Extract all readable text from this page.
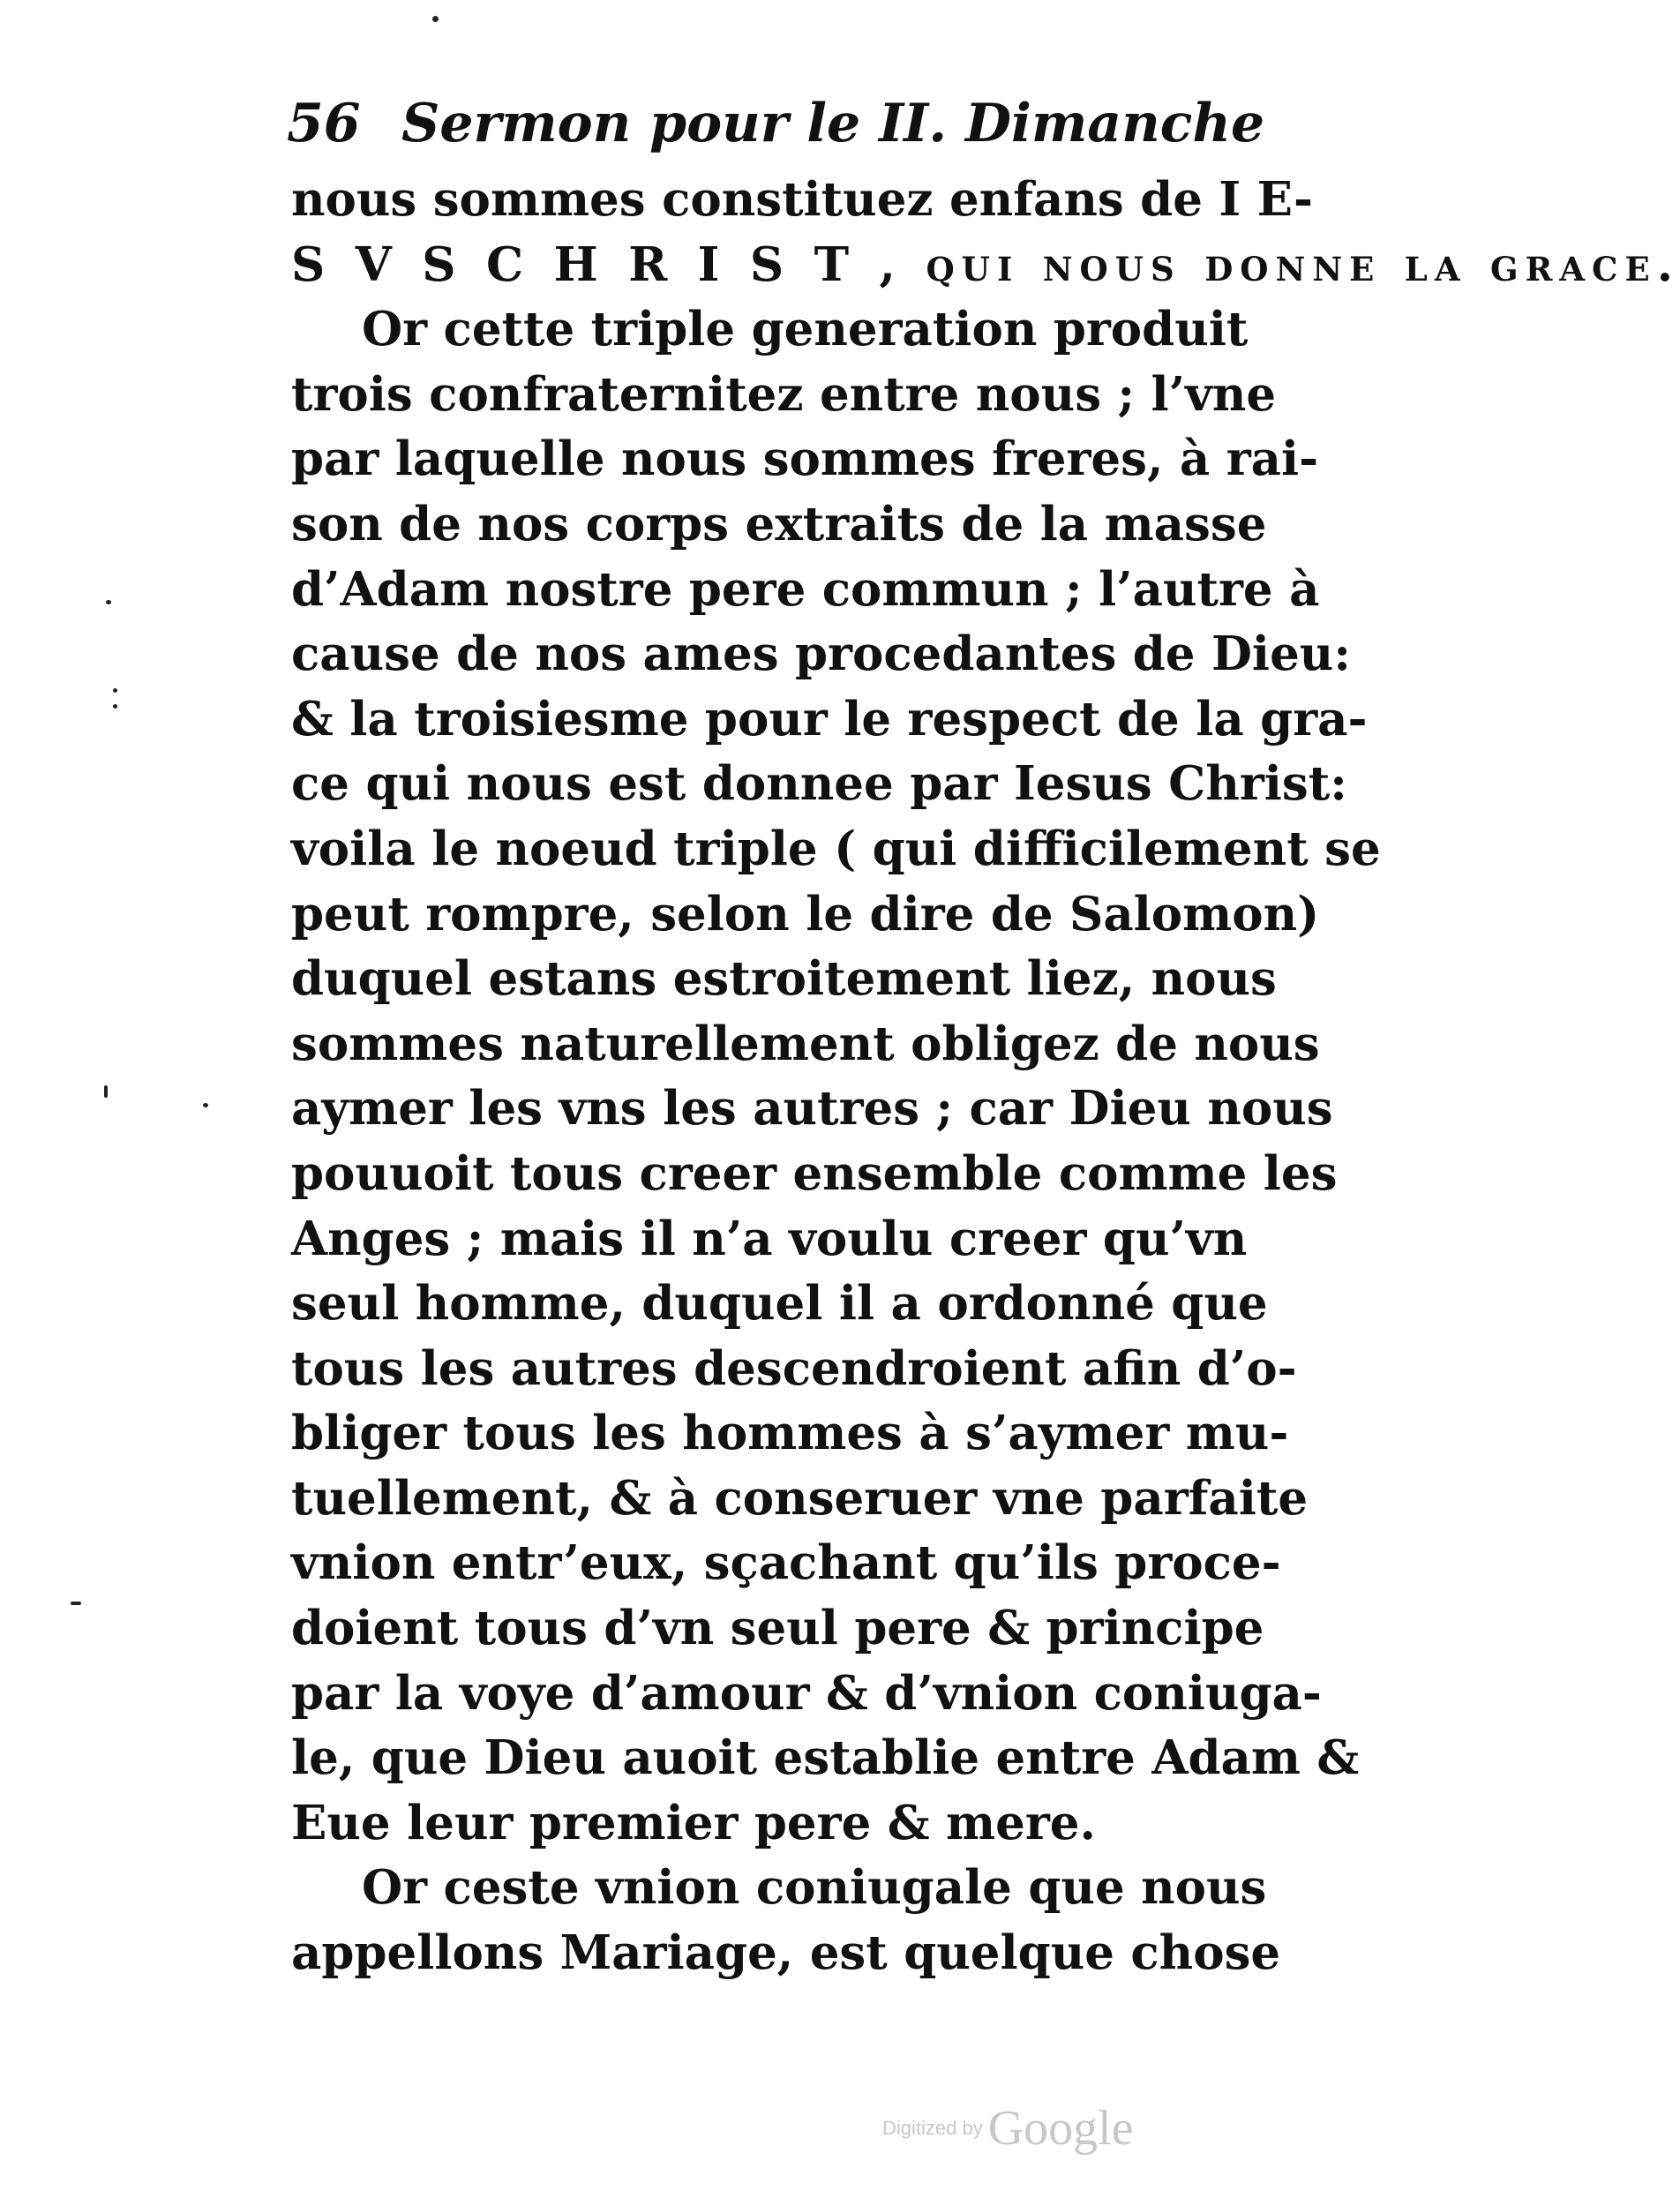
56 Sermon pour le II. Dimanche
nous sommes constituez enfans de I E-
S V S C H R I S T , qui nous donne la grace.
Or cette triple generation produit
trois confraternitez entre nous ; l’vne
par laquelle nous sommes freres, à rai-
son de nos corps extraits de la masse
d’Adam nostre pere commun ; l’autre à
cause de nos ames procedantes de Dieu:
& la troisiesme pour le respect de la gra-
ce qui nous est donnee par Iesus Christ:
voila le noeud triple ( qui difficilement se
peut rompre, selon le dire de Salomon)
duquel estans estroitement liez, nous
sommes naturellement obligez de nous
aymer les vns les autres ; car Dieu nous
pouuoit tous creer ensemble comme les
Anges ; mais il n’a voulu creer qu’vn
seul homme, duquel il a ordonné que
tous les autres descendroient afin d’o-
bliger tous les hommes à s’aymer mu-
tuellement, & à conseruer vne parfaite
vnion entr’eux, sçachant qu’ils proce-
doient tous d’vn seul pere & principe
par la voye d’amour & d’vnion coniuga-
le, que Dieu auoit establie entre Adam &
Eue leur premier pere & mere.
Or ceste vnion coniugale que nous
appellons Mariage, est quelque chose
Digitized by Google
